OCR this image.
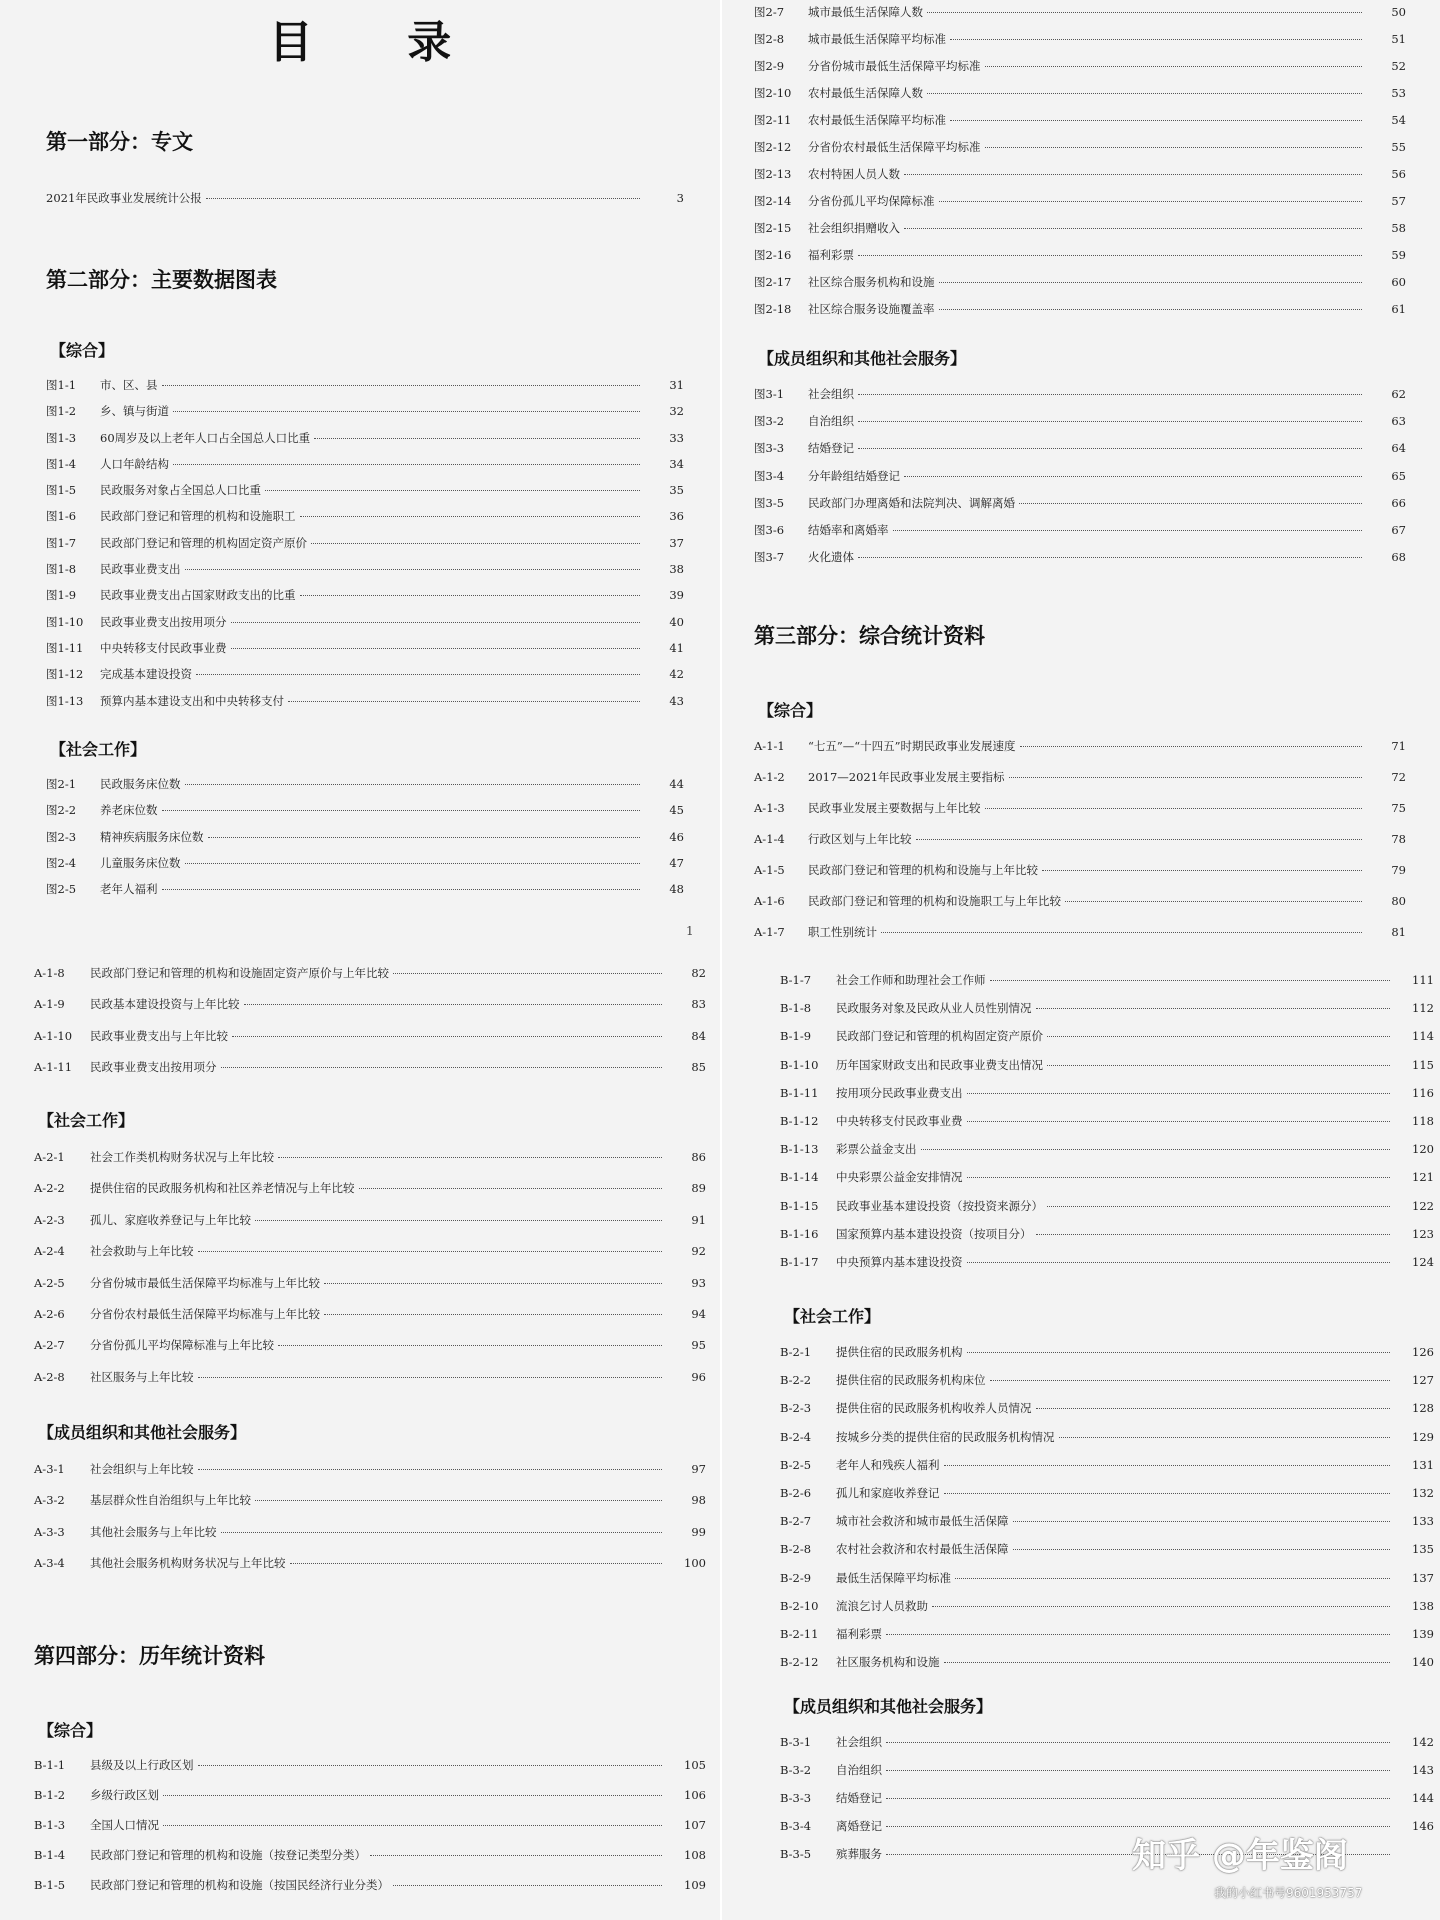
目 录
第一部分：专文
2021年民政事业发展统计公报	3
第二部分：主要数据图表
【综合】
图1-1	市、区、县	31
图1-2	乡、镇与街道	32
图1-3	60周岁及以上老年人口占全国总人口比重	33
图1-4	人口年龄结构	34
图1-5	民政服务对象占全国总人口比重	35
图1-6	民政部门登记和管理的机构和设施职工	36
图1-7	民政部门登记和管理的机构固定资产原价	37
图1-8	民政事业费支出	38
图1-9	民政事业费支出占国家财政支出的比重	39
图1-10	民政事业费支出按用项分	40
图1-11	中央转移支付民政事业费	41
图1-12	完成基本建设投资	42
图1-13	预算内基本建设支出和中央转移支付	43
【社会工作】
图2-1	民政服务床位数	44
图2-2	养老床位数	45
图2-3	精神疾病服务床位数	46
图2-4	儿童服务床位数	47
图2-5	老年人福利	48
1
图2-7	城市最低生活保障人数	50
图2-8	城市最低生活保障平均标准	51
图2-9	分省份城市最低生活保障平均标准	52
图2-10	农村最低生活保障人数	53
图2-11	农村最低生活保障平均标准	54
图2-12	分省份农村最低生活保障平均标准	55
图2-13	农村特困人员人数	56
图2-14	分省份孤儿平均保障标准	57
图2-15	社会组织捐赠收入	58
图2-16	福利彩票	59
图2-17	社区综合服务机构和设施	60
图2-18	社区综合服务设施覆盖率	61
【成员组织和其他社会服务】
图3-1	社会组织	62
图3-2	自治组织	63
图3-3	结婚登记	64
图3-4	分年龄组结婚登记	65
图3-5	民政部门办理离婚和法院判决、调解离婚	66
图3-6	结婚率和离婚率	67
图3-7	火化遗体	68
第三部分：综合统计资料
【综合】
A-1-1	“七五”—“十四五”时期民政事业发展速度	71
A-1-2	2017—2021年民政事业发展主要指标	72
A-1-3	民政事业发展主要数据与上年比较	75
A-1-4	行政区划与上年比较	78
A-1-5	民政部门登记和管理的机构和设施与上年比较	79
A-1-6	民政部门登记和管理的机构和设施职工与上年比较	80
A-1-7	职工性别统计	81
A-1-8	民政部门登记和管理的机构和设施固定资产原价与上年比较	82
A-1-9	民政基本建设投资与上年比较	83
A-1-10	民政事业费支出与上年比较	84
A-1-11	民政事业费支出按用项分	85
【社会工作】
A-2-1	社会工作类机构财务状况与上年比较	86
A-2-2	提供住宿的民政服务机构和社区养老情况与上年比较	89
A-2-3	孤儿、家庭收养登记与上年比较	91
A-2-4	社会救助与上年比较	92
A-2-5	分省份城市最低生活保障平均标准与上年比较	93
A-2-6	分省份农村最低生活保障平均标准与上年比较	94
A-2-7	分省份孤儿平均保障标准与上年比较	95
A-2-8	社区服务与上年比较	96
【成员组织和其他社会服务】
A-3-1	社会组织与上年比较	97
A-3-2	基层群众性自治组织与上年比较	98
A-3-3	其他社会服务与上年比较	99
A-3-4	其他社会服务机构财务状况与上年比较	100
第四部分：历年统计资料
【综合】
B-1-1	县级及以上行政区划	105
B-1-2	乡级行政区划	106
B-1-3	全国人口情况	107
B-1-4	民政部门登记和管理的机构和设施（按登记类型分类）	108
B-1-5	民政部门登记和管理的机构和设施（按国民经济行业分类）	109
B-1-7	社会工作师和助理社会工作师	111
B-1-8	民政服务对象及民政从业人员性别情况	112
B-1-9	民政部门登记和管理的机构固定资产原价	114
B-1-10	历年国家财政支出和民政事业费支出情况	115
B-1-11	按用项分民政事业费支出	116
B-1-12	中央转移支付民政事业费	118
B-1-13	彩票公益金支出	120
B-1-14	中央彩票公益金安排情况	121
B-1-15	民政事业基本建设投资（按投资来源分）	122
B-1-16	国家预算内基本建设投资（按项目分）	123
B-1-17	中央预算内基本建设投资	124
【社会工作】
B-2-1	提供住宿的民政服务机构	126
B-2-2	提供住宿的民政服务机构床位	127
B-2-3	提供住宿的民政服务机构收养人员情况	128
B-2-4	按城乡分类的提供住宿的民政服务机构情况	129
B-2-5	老年人和残疾人福利	131
B-2-6	孤儿和家庭收养登记	132
B-2-7	城市社会救济和城市最低生活保障	133
B-2-8	农村社会救济和农村最低生活保障	135
B-2-9	最低生活保障平均标准	137
B-2-10	流浪乞讨人员救助	138
B-2-11	福利彩票	139
B-2-12	社区服务机构和设施	140
【成员组织和其他社会服务】
B-3-1	社会组织	142
B-3-2	自治组织	143
B-3-3	结婚登记	144
B-3-4	离婚登记	146
B-3-5	殡葬服务	知乎 @年鉴阁
我的小红书号9601953757
